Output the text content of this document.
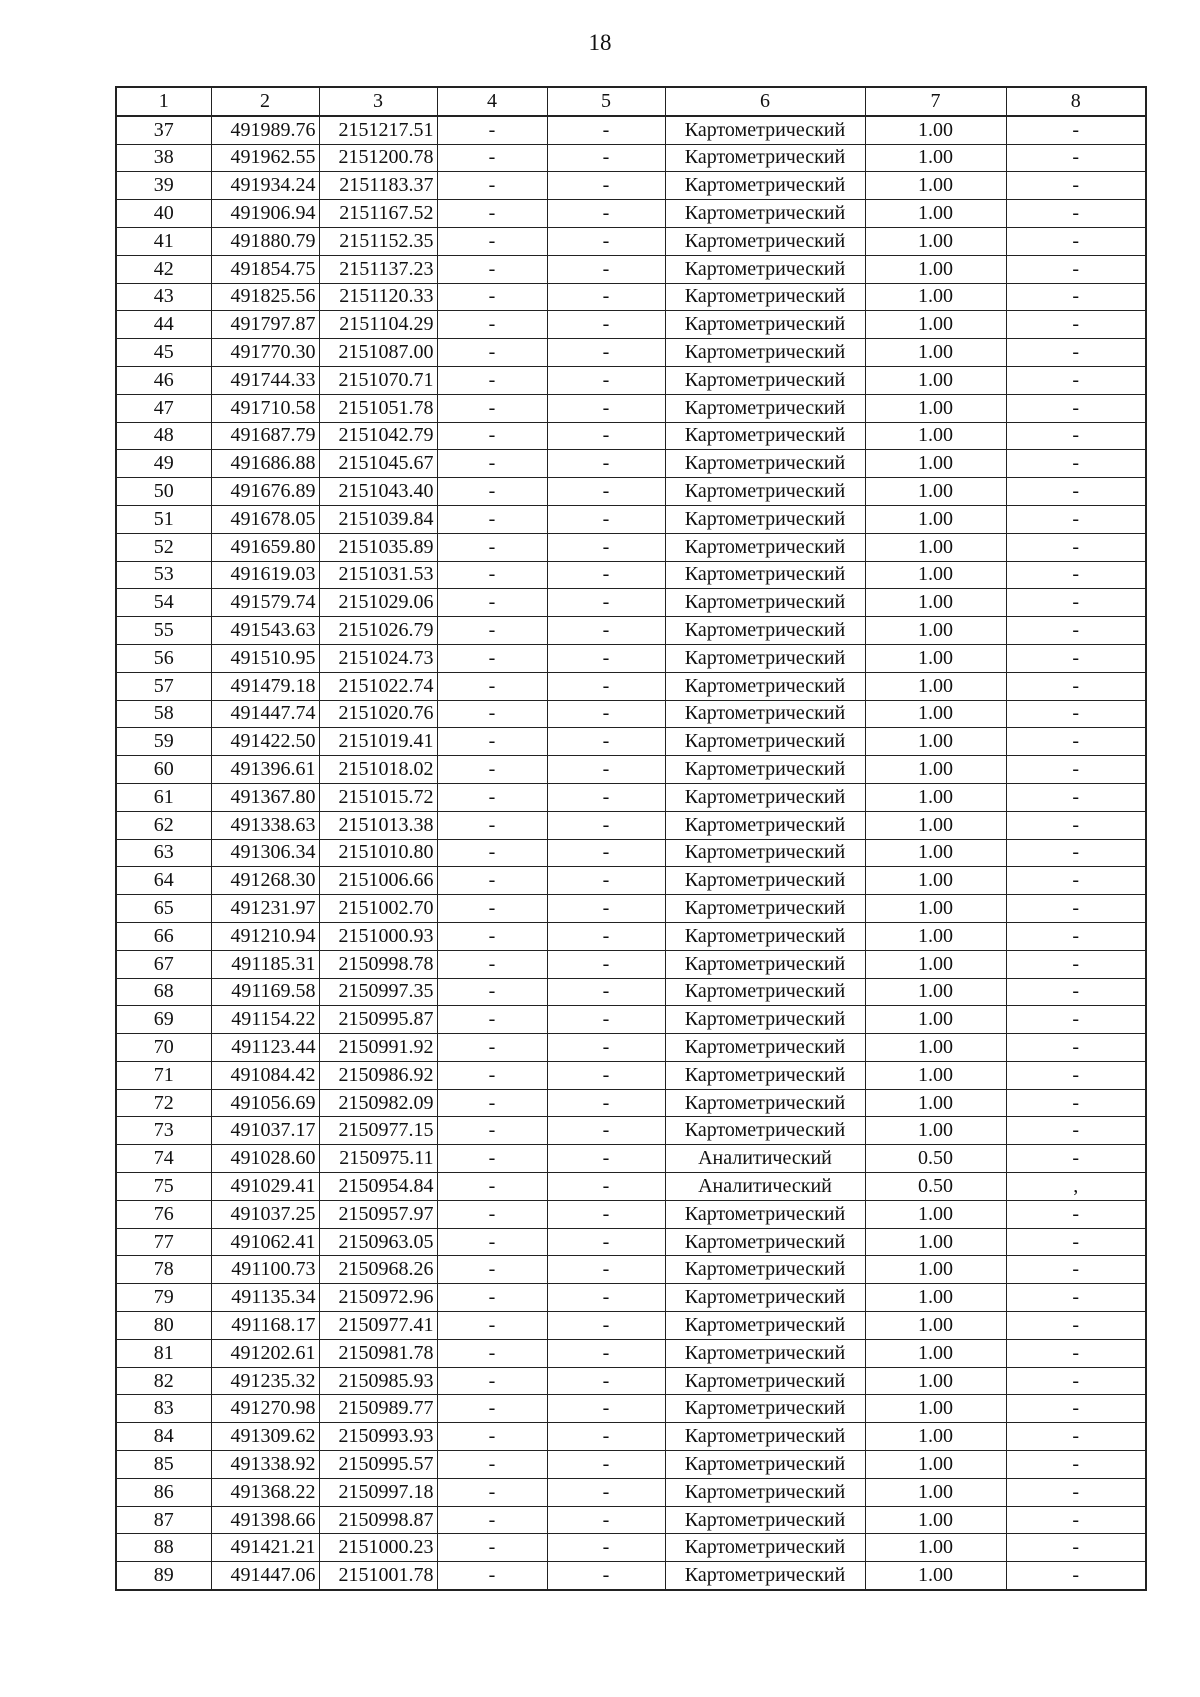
18
1	2	3	4	5	6	7	8
37	491989.76	2151217.51	-	-	Картометрический	1.00	-
38	491962.55	2151200.78	-	-	Картометрический	1.00	-
39	491934.24	2151183.37	-	-	Картометрический	1.00	-
40	491906.94	2151167.52	-	-	Картометрический	1.00	-
41	491880.79	2151152.35	-	-	Картометрический	1.00	-
42	491854.75	2151137.23	-	-	Картометрический	1.00	-
43	491825.56	2151120.33	-	-	Картометрический	1.00	-
44	491797.87	2151104.29	-	-	Картометрический	1.00	-
45	491770.30	2151087.00	-	-	Картометрический	1.00	-
46	491744.33	2151070.71	-	-	Картометрический	1.00	-
47	491710.58	2151051.78	-	-	Картометрический	1.00	-
48	491687.79	2151042.79	-	-	Картометрический	1.00	-
49	491686.88	2151045.67	-	-	Картометрический	1.00	-
50	491676.89	2151043.40	-	-	Картометрический	1.00	-
51	491678.05	2151039.84	-	-	Картометрический	1.00	-
52	491659.80	2151035.89	-	-	Картометрический	1.00	-
53	491619.03	2151031.53	-	-	Картометрический	1.00	-
54	491579.74	2151029.06	-	-	Картометрический	1.00	-
55	491543.63	2151026.79	-	-	Картометрический	1.00	-
56	491510.95	2151024.73	-	-	Картометрический	1.00	-
57	491479.18	2151022.74	-	-	Картометрический	1.00	-
58	491447.74	2151020.76	-	-	Картометрический	1.00	-
59	491422.50	2151019.41	-	-	Картометрический	1.00	-
60	491396.61	2151018.02	-	-	Картометрический	1.00	-
61	491367.80	2151015.72	-	-	Картометрический	1.00	-
62	491338.63	2151013.38	-	-	Картометрический	1.00	-
63	491306.34	2151010.80	-	-	Картометрический	1.00	-
64	491268.30	2151006.66	-	-	Картометрический	1.00	-
65	491231.97	2151002.70	-	-	Картометрический	1.00	-
66	491210.94	2151000.93	-	-	Картометрический	1.00	-
67	491185.31	2150998.78	-	-	Картометрический	1.00	-
68	491169.58	2150997.35	-	-	Картометрический	1.00	-
69	491154.22	2150995.87	-	-	Картометрический	1.00	-
70	491123.44	2150991.92	-	-	Картометрический	1.00	-
71	491084.42	2150986.92	-	-	Картометрический	1.00	-
72	491056.69	2150982.09	-	-	Картометрический	1.00	-
73	491037.17	2150977.15	-	-	Картометрический	1.00	-
74	491028.60	2150975.11	-	-	Аналитический	0.50	-
75	491029.41	2150954.84	-	-	Аналитический	0.50	,
76	491037.25	2150957.97	-	-	Картометрический	1.00	-
77	491062.41	2150963.05	-	-	Картометрический	1.00	-
78	491100.73	2150968.26	-	-	Картометрический	1.00	-
79	491135.34	2150972.96	-	-	Картометрический	1.00	-
80	491168.17	2150977.41	-	-	Картометрический	1.00	-
81	491202.61	2150981.78	-	-	Картометрический	1.00	-
82	491235.32	2150985.93	-	-	Картометрический	1.00	-
83	491270.98	2150989.77	-	-	Картометрический	1.00	-
84	491309.62	2150993.93	-	-	Картометрический	1.00	-
85	491338.92	2150995.57	-	-	Картометрический	1.00	-
86	491368.22	2150997.18	-	-	Картометрический	1.00	-
87	491398.66	2150998.87	-	-	Картометрический	1.00	-
88	491421.21	2151000.23	-	-	Картометрический	1.00	-
89	491447.06	2151001.78	-	-	Картометрический	1.00	-
